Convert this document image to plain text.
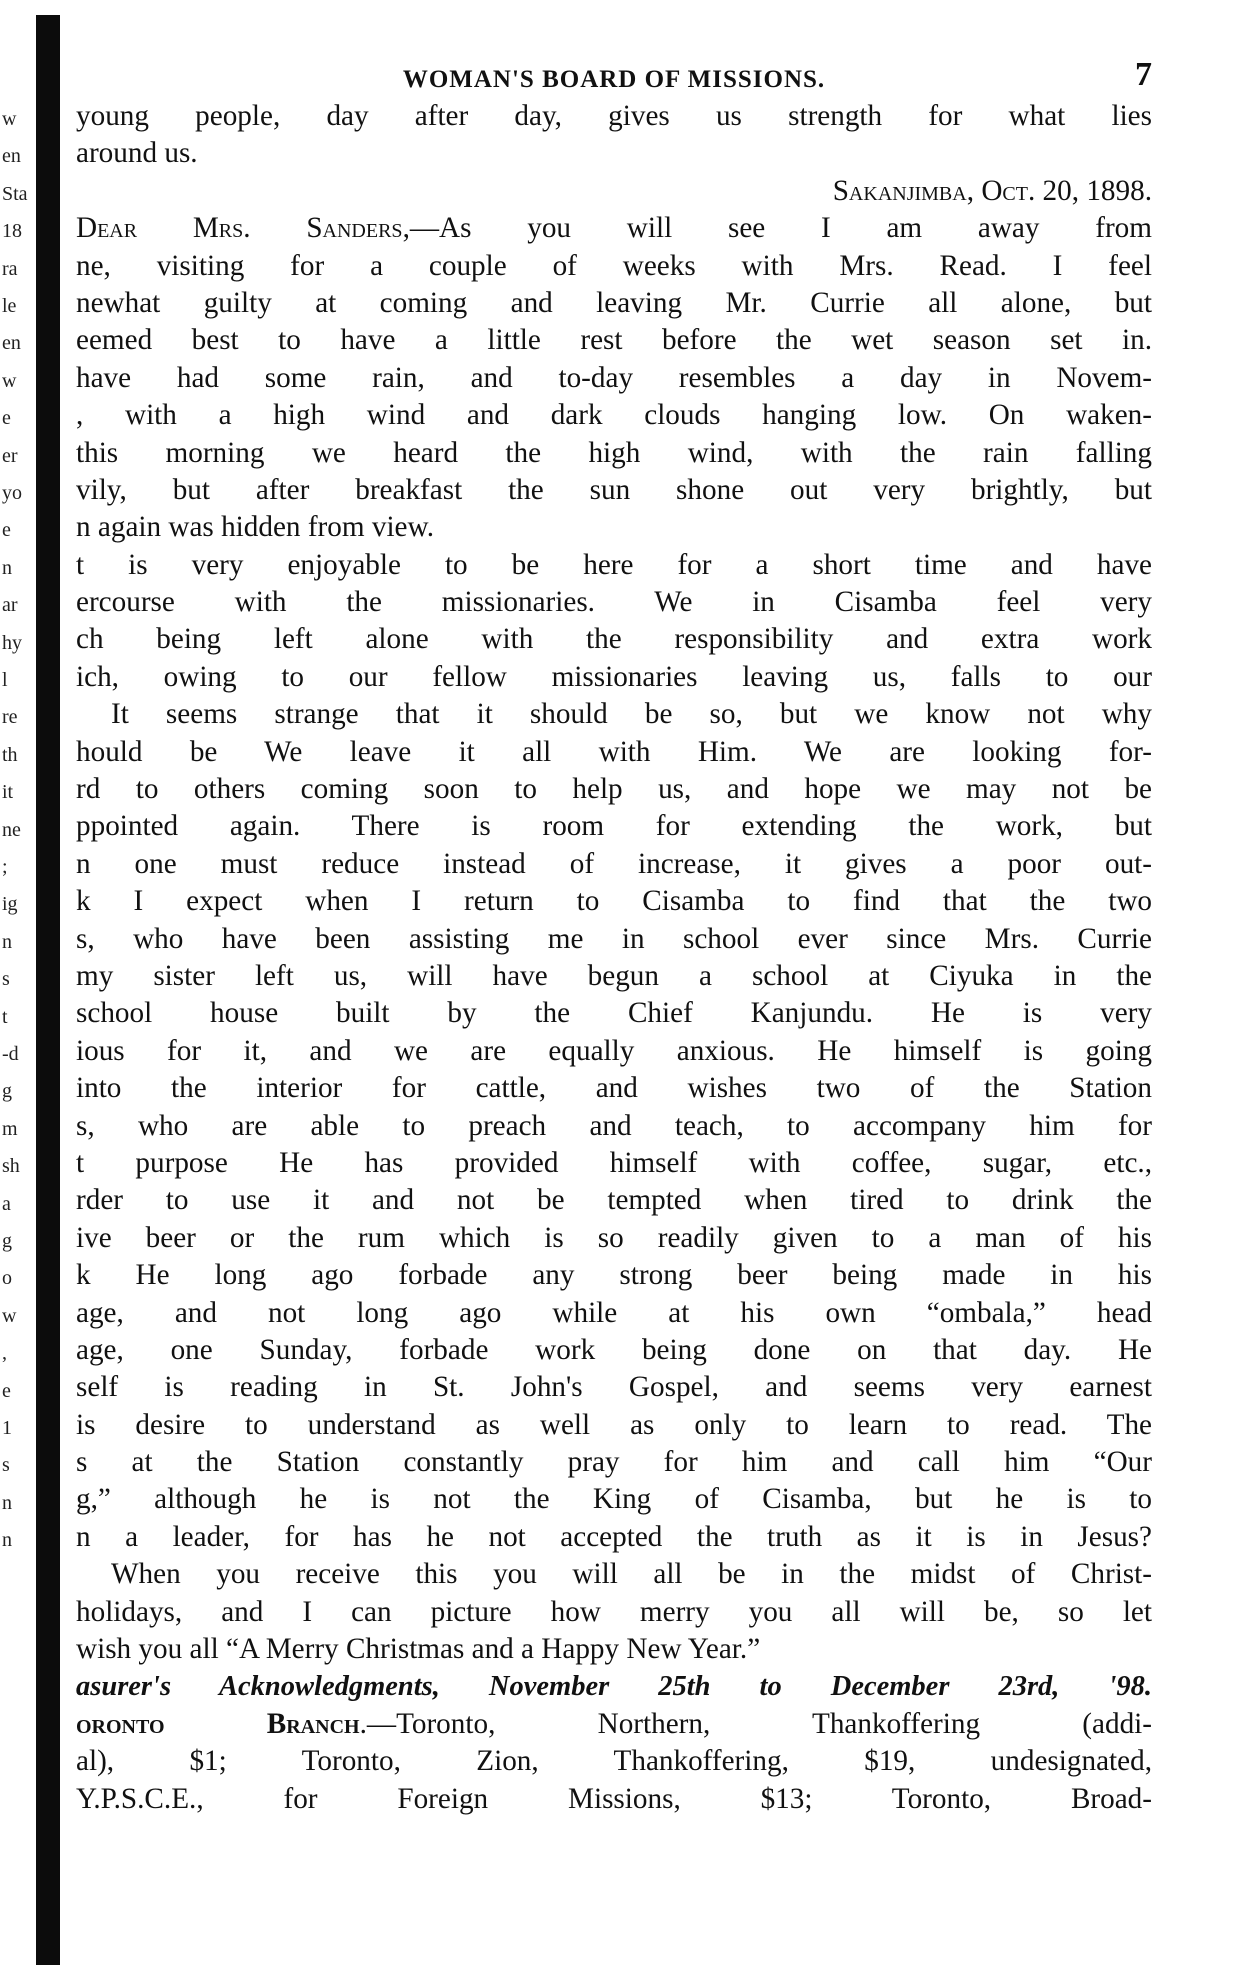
w
en
Sta
18
ra
le
en
w
e
er
yo
e
n
ar
hy
l
re
th
it
ne
;
ig
n
s
t
-d
g
m
sh
a
g
o
w
,
e
1
s
n
n
WOMAN'S BOARD OF MISSIONS.	7
young people, day after day, gives us strength for what lies
around us.
Sakanjimba, Oct. 20, 1898.
Dear Mrs. Sanders,—As you will see I am away from
ne, visiting for a couple of weeks with Mrs. Read. I feel
newhat guilty at coming and leaving Mr. Currie all alone, but
eemed best to have a little rest before the wet season set in.
have had some rain, and to-day resembles a day in Novem-
, with a high wind and dark clouds hanging low. On waken-
this morning we heard the high wind, with the rain falling
vily, but after breakfast the sun shone out very brightly, but
n again was hidden from view.
t is very enjoyable to be here for a short time and have
ercourse with the missionaries. We in Cisamba feel very
ch being left alone with the responsibility and extra work
ich, owing to our fellow missionaries leaving us, falls to our
It seems strange that it should be so, but we know not why
hould be We leave it all with Him. We are looking for-
rd to others coming soon to help us, and hope we may not be
ppointed again. There is room for extending the work, but
n one must reduce instead of increase, it gives a poor out-
k I expect when I return to Cisamba to find that the two
s, who have been assisting me in school ever since Mrs. Currie
my sister left us, will have begun a school at Ciyuka in the
school house built by the Chief Kanjundu. He is very
ious for it, and we are equally anxious. He himself is going
into the interior for cattle, and wishes two of the Station
s, who are able to preach and teach, to accompany him for
t purpose He has provided himself with coffee, sugar, etc.,
rder to use it and not be tempted when tired to drink the
ive beer or the rum which is so readily given to a man of his
k He long ago forbade any strong beer being made in his
age, and not long ago while at his own “ombala,” head
age, one Sunday, forbade work being done on that day. He
self is reading in St. John's Gospel, and seems very earnest
is desire to understand as well as only to learn to read. The
s at the Station constantly pray for him and call him “Our
g,” although he is not the King of Cisamba, but he is to
n a leader, for has he not accepted the truth as it is in Jesus?
When you receive this you will all be in the midst of Christ-
holidays, and I can picture how merry you all will be, so let
wish you all “A Merry Christmas and a Happy New Year.”
asurer's Acknowledgments, November 25th to December 23rd, '98.
oronto Branch.—Toronto, Northern, Thankoffering (addi-
al), $1; Toronto, Zion, Thankoffering, $19, undesignated,
Y.P.S.C.E., for Foreign Missions, $13; Toronto, Broad-
